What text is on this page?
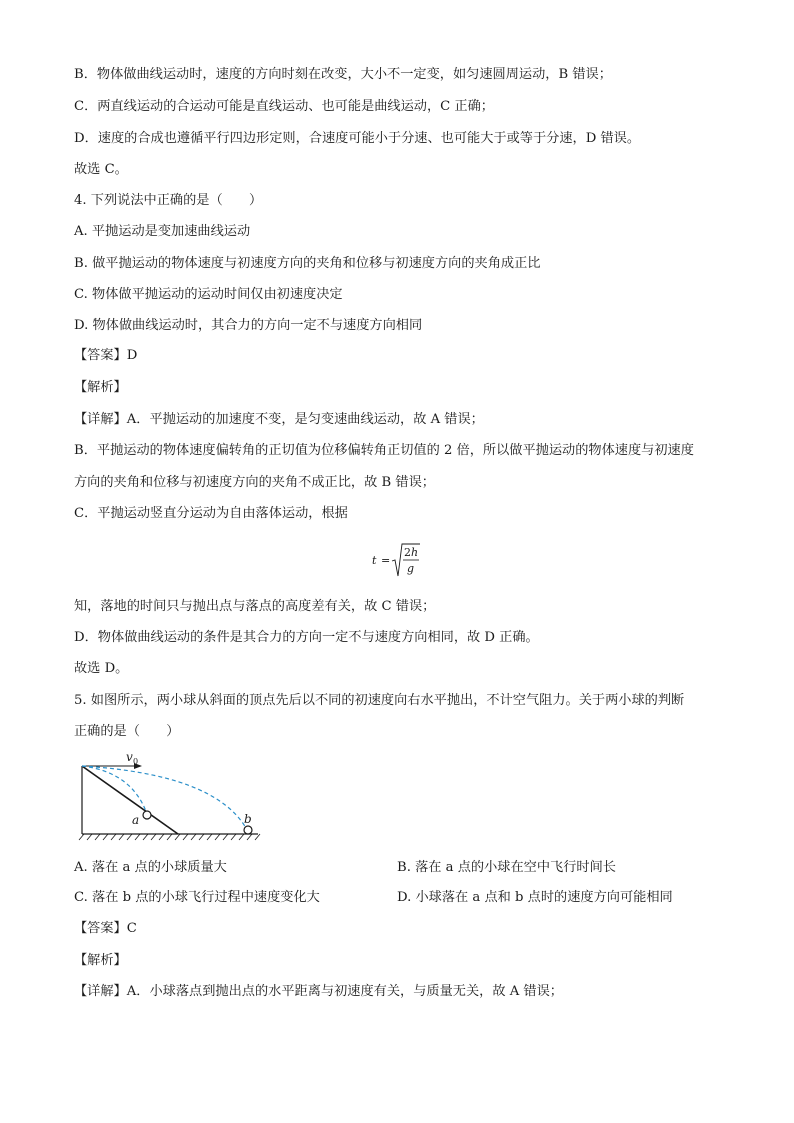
B．物体做曲线运动时，速度的方向时刻在改变，大小不一定变，如匀速圆周运动，B 错误；
C．两直线运动的合运动可能是直线运动、也可能是曲线运动，C 正确；
D．速度的合成也遵循平行四边形定则，合速度可能小于分速、也可能大于或等于分速，D 错误。
故选 C。
4. 下列说法中正确的是（　　）
A. 平抛运动是变加速曲线运动
B. 做平抛运动的物体速度与初速度方向的夹角和位移与初速度方向的夹角成正比
C. 物体做平抛运动的运动时间仅由初速度决定
D. 物体做曲线运动时，其合力的方向一定不与速度方向相同
【答案】D
【解析】
【详解】A．平抛运动的加速度不变，是匀变速曲线运动，故 A 错误；
B．平抛运动的物体速度偏转角的正切值为位移偏转角正切值的 2 倍，所以做平抛运动的物体速度与初速度
方向的夹角和位移与初速度方向的夹角不成正比，故 B 错误；
C．平抛运动竖直分运动为自由落体运动，根据
t =
2 h
g
知，落地的时间只与抛出点与落点的高度差有关，故 C 错误；
D．物体做曲线运动的条件是其合力的方向一定不与速度方向相同，故 D 正确。
故选 D。
5. 如图所示，两小球从斜面的顶点先后以不同的初速度向右水平抛出，不计空气阻力。关于两小球的判断
正确的是（　　）
v 0
a	b
A. 落在 a 点的小球质量大	B. 落在 a 点的小球在空中飞行时间长
C. 落在 b 点的小球飞行过程中速度变化大	D. 小球落在 a 点和 b 点时的速度方向可能相同
【答案】C
【解析】
【详解】A．小球落点到抛出点的水平距离与初速度有关，与质量无关，故 A 错误；
